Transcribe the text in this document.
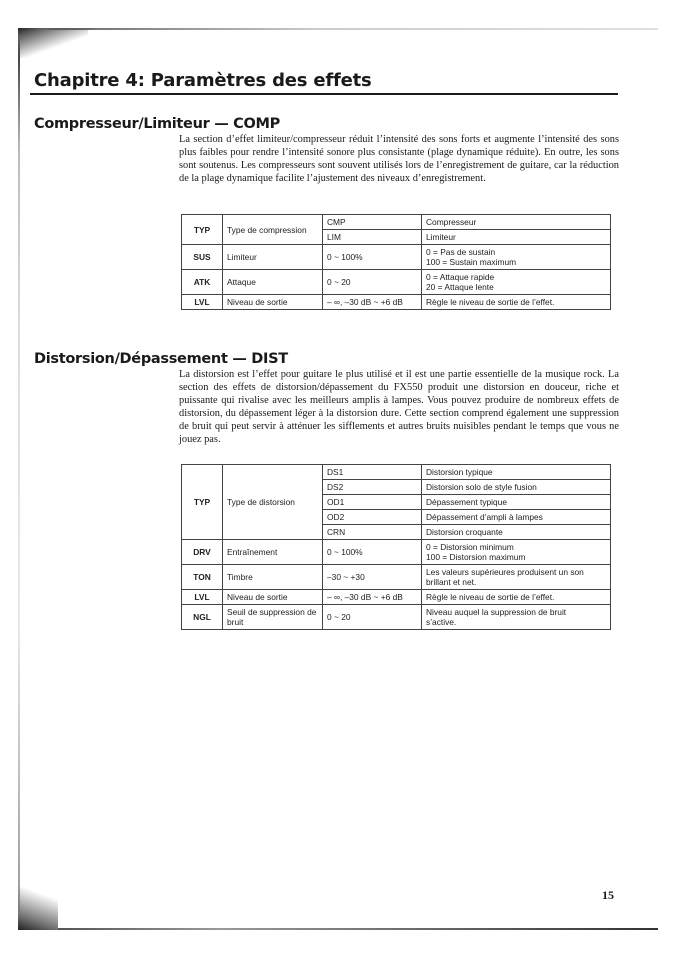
Chapitre 4: Paramètres des effets
Compresseur/Limiteur — COMP

La section d’effet limiteur/compresseur réduit l’intensité des sons forts et augmente l’intensité des sons plus faibles pour rendre l’intensité sonore plus consistante (plage dynamique réduite). En outre, les sons sont soutenus. Les compresseurs sont souvent utilisés lors de l’enregistrement de guitare, car la réduction de la plage dynamique facilite l’ajustement des niveaux d’enregistrement.

TYP	Type de compression	CMP	Compresseur
		LIM	Limiteur
SUS	Limiteur	0 ~ 100%	0 = Pas de sustain
100 = Sustain maximum
ATK	Attaque	0 ~ 20	0 = Attaque rapide
20 = Attaque lente
LVL	Niveau de sortie	– ∞, –30 dB ~ +6 dB	Règle le niveau de sortie de l’effet.
Distorsion/Dépassement — DIST

La distorsion est l’effet pour guitare le plus utilisé et il est une partie essentielle de la musique rock. La section des effets de distorsion/dépassement du FX550 produit une distorsion en douceur, riche et puissante qui rivalise avec les meilleurs amplis à lampes. Vous pouvez produire de nombreux effets de distorsion, du dépassement léger à la distorsion dure. Cette section comprend également une suppression de bruit qui peut servir à atténuer les sifflements et autres bruits nuisibles pendant le temps que vous ne jouez pas.

TYP	Type de distorsion	DS1	Distorsion typique
		DS2	Distorsion solo de style fusion
		OD1	Dépassement typique
		OD2	Dépassement d’ampli à lampes
		CRN	Distorsion croquante
DRV	Entraînement	0 ~ 100%	0 = Distorsion minimum
100 = Distorsion maximum
TON	Timbre	–30 ~ +30	Les valeurs supérieures produisent un son
brillant et net.
LVL	Niveau de sortie	– ∞, –30 dB ~ +6 dB	Règle le niveau de sortie de l’effet.
NGL	Seuil de suppression de bruit	0 ~ 20	Niveau auquel la suppression de bruit
s’active.
15
